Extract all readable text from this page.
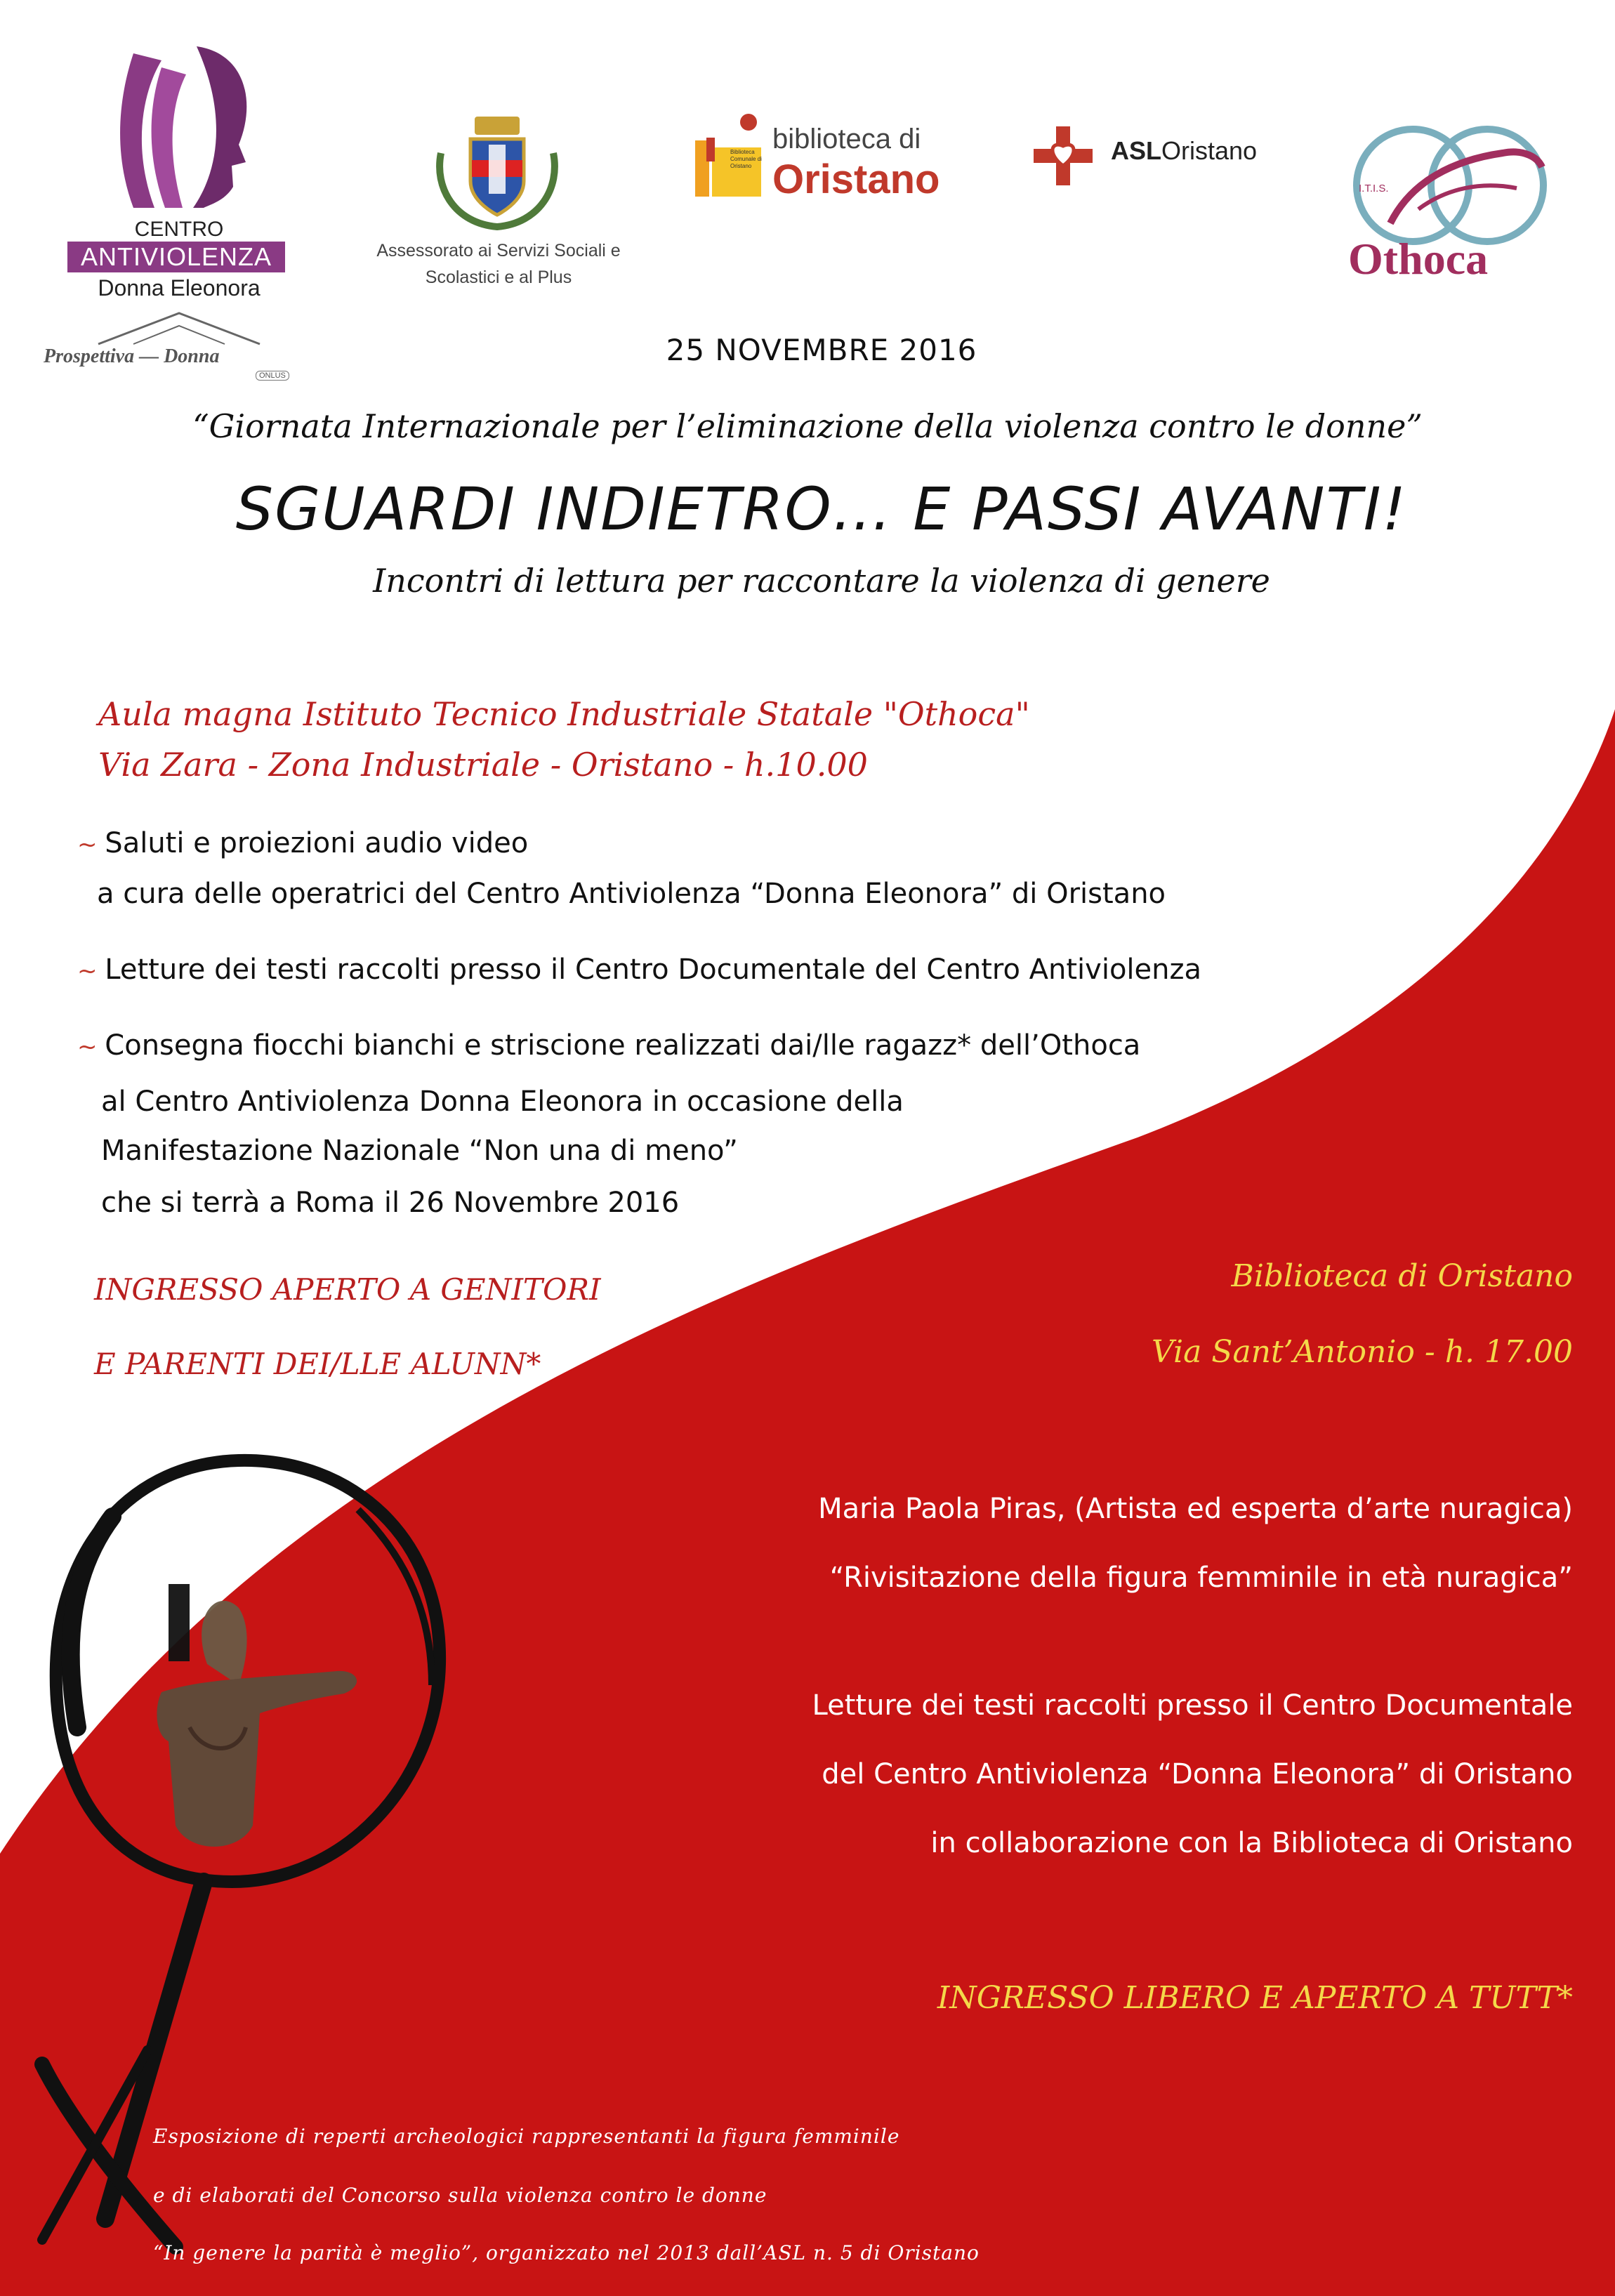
CENTRO
ANTIVIOLENZA
Donna Eleonora
Prospettiva — Donna
ONLUS
Assessorato ai Servizi Sociali e Scolastici e al Plus
Biblioteca Comunale di Oristano
biblioteca di
Oristano
ASLOristano
I.T.I.S.
Othoca
25 NOVEMBRE 2016
“Giornata Internazionale per l’eliminazione della violenza contro le donne”
SGUARDI INDIETRO… E PASSI AVANTI!
Incontri di lettura per raccontare la violenza di genere
Aula magna Istituto Tecnico Industriale Statale "Othoca"
Via Zara - Zona Industriale - Oristano - h.10.00
~ Saluti e proiezioni audio video
a cura delle operatrici del Centro Antiviolenza “Donna Eleonora” di Oristano
~ Letture dei testi raccolti presso il Centro Documentale del Centro Antiviolenza
~ Consegna fiocchi bianchi e striscione realizzati dai/lle ragazz* dell’Othoca
al Centro Antiviolenza Donna Eleonora in occasione della
Manifestazione Nazionale “Non una di meno”
che si terrà a Roma il 26 Novembre 2016
INGRESSO APERTO A GENITORI
E PARENTI DEI/LLE ALUNN*
Biblioteca di Oristano
Via Sant’Antonio - h. 17.00
Maria Paola Piras, (Artista ed esperta d’arte nuragica)
“Rivisitazione della figura femminile in età nuragica”
Letture dei testi raccolti presso il Centro Documentale
del Centro Antiviolenza “Donna Eleonora” di Oristano
in collaborazione con la Biblioteca di Oristano
INGRESSO LIBERO E APERTO A TUTT*
Esposizione di reperti archeologici rappresentanti la figura femminile
e di elaborati del Concorso sulla violenza contro le donne
“In genere la parità è meglio”, organizzato nel 2013 dall’ASL n. 5 di Oristano
